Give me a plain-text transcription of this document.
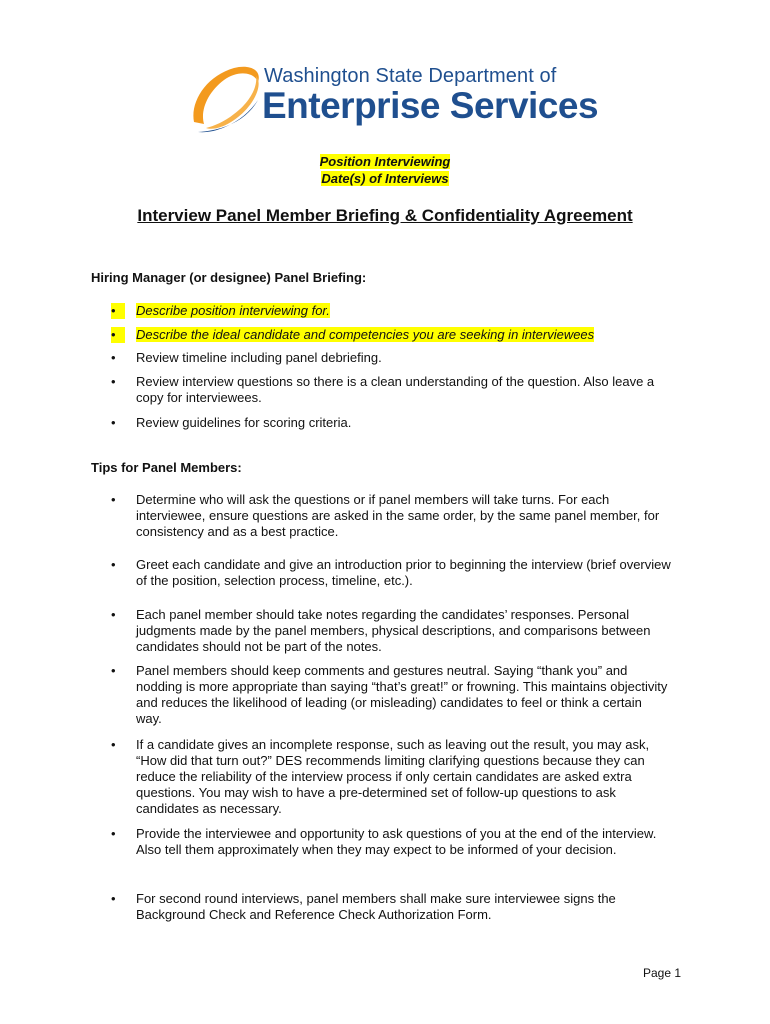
Washington State Department of
Enterprise Services
Position Interviewing
Date(s) of Interviews
Interview Panel Member Briefing & Confidentiality Agreement
Hiring Manager (or designee) Panel Briefing:
•	Describe position interviewing for.
•	Describe the ideal candidate and competencies you are seeking in interviewees
•	Review timeline including panel debriefing.
•	Review interview questions so there is a clean understanding of the question. Also leave a copy for interviewees.
•	Review guidelines for scoring criteria.
Tips for Panel Members:
•	Determine who will ask the questions or if panel members will take turns. For each interviewee, ensure questions are asked in the same order, by the same panel member, for consistency and as a best practice.
•	Greet each candidate and give an introduction prior to beginning the interview (brief overview of the position, selection process, timeline, etc.).
•	Each panel member should take notes regarding the candidates’ responses. Personal judgments made by the panel members, physical descriptions, and comparisons between candidates should not be part of the notes.
•	Panel members should keep comments and gestures neutral. Saying “thank you” and nodding is more appropriate than saying “that’s great!” or frowning. This maintains objectivity and reduces the likelihood of leading (or misleading) candidates to feel or think a certain way.
•	If a candidate gives an incomplete response, such as leaving out the result, you may ask, “How did that turn out?” DES recommends limiting clarifying questions because they can reduce the reliability of the interview process if only certain candidates are asked extra questions. You may wish to have a pre-determined set of follow-up questions to ask candidates as necessary.
•	Provide the interviewee and opportunity to ask questions of you at the end of the interview. Also tell them approximately when they may expect to be informed of your decision.
•	For second round interviews, panel members shall make sure interviewee signs the Background Check and Reference Check Authorization Form.
Page 1
